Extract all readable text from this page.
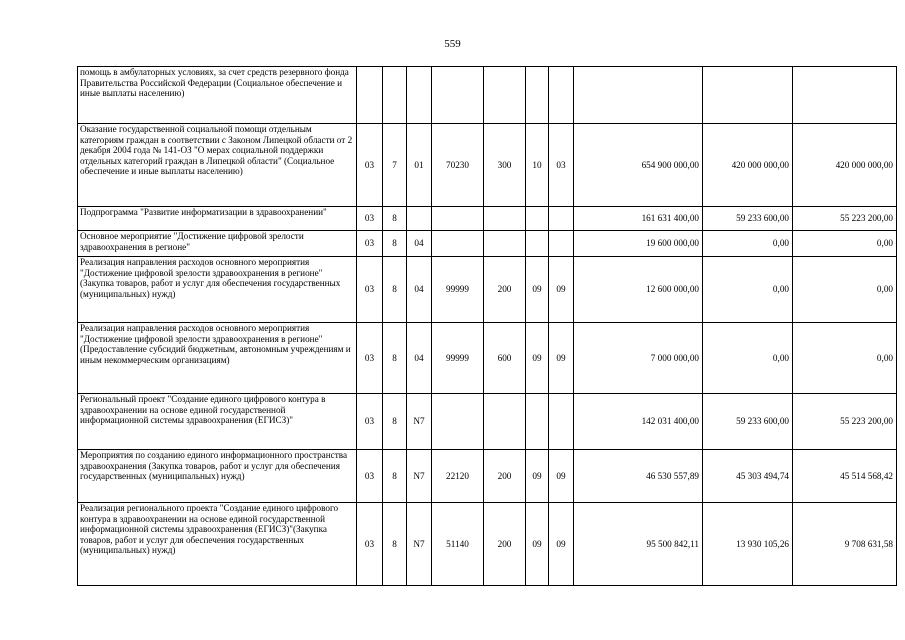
559
помощь в амбулаторных условиях, за счет средств резервного фонда Правительства Российской Федерации (Социальное обеспечение и иные выплаты населению)										
Оказание государственной социальной помощи отдельным категориям граждан в соответствии с Законом Липецкой области от 2 декабря 2004 года № 141-ОЗ "О мерах социальной поддержки отдельных категорий граждан в Липецкой области" (Социальное обеспечение и иные выплаты населению)	03	7	01	70230	300	10	03	654 900 000,00	420 000 000,00	420 000 000,00
Подпрограмма "Развитие информатизации в здравоохранении"	03	8						161 631 400,00	59 233 600,00	55 223 200,00
Основное мероприятие "Достижение цифровой зрелости здравоохранения в регионе"	03	8	04					19 600 000,00	0,00	0,00
Реализация направления расходов основного мероприятия "Достижение цифровой зрелости здравоохранения в регионе" (Закупка товаров, работ и услуг для обеспечения государственных (муниципальных) нужд)	03	8	04	99999	200	09	09	12 600 000,00	0,00	0,00
Реализация направления расходов основного мероприятия "Достижение цифровой зрелости здравоохранения в регионе" (Предоставление субсидий бюджетным, автономным учреждениям и иным некоммерческим организациям)	03	8	04	99999	600	09	09	7 000 000,00	0,00	0,00
Региональный проект "Создание единого цифрового контура в здравоохранении на основе единой государственной информационной системы здравоохранения (ЕГИСЗ)"	03	8	N7					142 031 400,00	59 233 600,00	55 223 200,00
Мероприятия по созданию единого информационного пространства здравоохранения (Закупка товаров, работ и услуг для обеспечения государственных (муниципальных) нужд)	03	8	N7	22120	200	09	09	46 530 557,89	45 303 494,74	45 514 568,42
Реализация регионального проекта "Создание единого цифрового контура в здравоохранении на основе единой государственной информационной системы здравоохранения (ЕГИСЗ)"(Закупка товаров, работ и услуг для обеспечения государственных (муниципальных) нужд)	03	8	N7	51140	200	09	09	95 500 842,11	13 930 105,26	9 708 631,58
